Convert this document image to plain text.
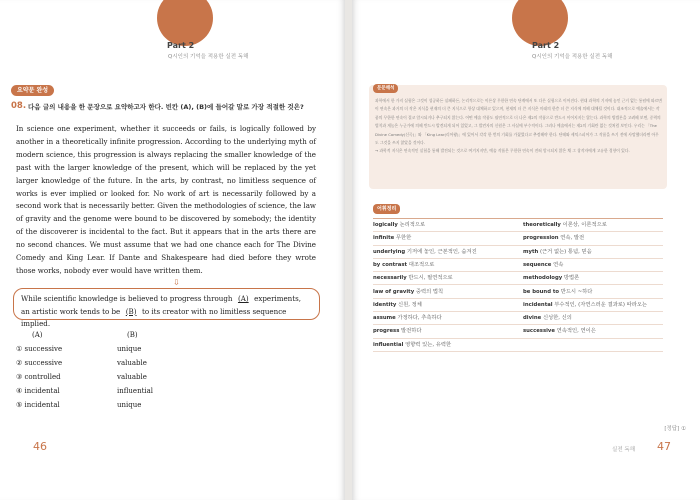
Part 2
Q시인의 기억을 적용한 실전 독해
요약문 완성
08. 다음 글의 내용을 한 문장으로 요약하고자 한다. 빈칸 (A), (B)에 들어갈 말로 가장 적절한 것은?
In science one experiment, whether it succeeds or fails, is logically followed by another in a theoretically infinite progression. According to the underlying myth of modern science, this progression is always replacing the smaller knowledge of the past with the larger knowledge of the present, which will be replaced by the yet larger knowledge of the future. In the arts, by contrast, no limitless sequence of works is ever implied or looked for. No work of art is necessarily followed by a second work that is necessarily better. Given the methodologies of science, the law of gravity and the genome were bound to be discovered by somebody; the identity of the discoverer is incidental to the fact. But it appears that in the arts there are no second chances. We must assume that we had one chance each for The Divine Comedy and King Lear. If Dante and Shakespeare had died before they wrote those works, nobody ever would have written them.
⇩
While scientific knowledge is believed to progress through  (A)  experiments, an artistic work tends to be  (B)  to its creator with no limitless sequence implied.
(A)	(B)
① successive	unique
② successive	valuable
③ controlled	valuable
④ incidental	influential
⑤ incidental	unique
46
Part 2
Q시인의 기억을 적용한 실전 독해
문문해석
과학에서 한 가지 실험은 그것이 성공하든 실패하든, 논리적으로는 이론상 무한한 연속 단계에서 또 다른 실험으로 이어진다. 현대 과학의 기저에 놓인 근거 없는 통념에 따르면 이 연속은 과거의 더 작은 지식을 현재의 더 큰 지식으로 항상 대체하고 있으며, 현재의 더 큰 지식은 미래의 한층 더 큰 지식에 의해 대체될 것이다. 대조적으로 예술에서는 작품의 무한한 연속이 결코 암시되거나 추구되지 않는다. 어떤 예술 작품도 필연적으로 더 나은 제2의 작품으로 반드시 이어지지는 않는다. 과학의 방법론을 고려해 보면, 중력의 법칙과 게놈은 누군가에 의해 반드시 발견되게 되어 있었고, 그 발견자의 신원은 그 사실에 부수적이다. 그러나 예술에서는 제2의 기회란 없는 것처럼 보인다. 우리는 「The Divine Comedy(신곡)」와 「King Lear(리어왕)」에 있어서 각각 한 번의 기회를 가졌었다고 추정해야 한다. 단테와 셰익스피어가 그 작품을 쓰기 전에 사망했더라면 아무도 그것을 쓰지 않았을 것이다.
→ 과학적 지식은 연속적인 실험을 통해 발전되는 것으로 여겨지지만, 예술 작품은 무한한 연속이 전혀 암시되지 않은 채 그 창작자에게 고유한 경향이 있다.
어휘정리
logically 논리적으로	theoretically 이론상, 이론적으로
infinite 무한한	progression 연속, 발전
underlying 기저에 놓인, 근본적인, 숨겨진	myth (근거 없는) 통념, 믿음
by contrast 대조적으로	sequence 연속
necessarily 반드시, 필연적으로	methodology 방법론
law of gravity 중력의 법칙	be bound to 반드시 ~하다
identity 신원, 정체	incidental 부수적인, (자연스러운 결과로) 따라오는
assume 가정하다, 추측하다	divine 신성한, 신의
progress 발전하다	successive 연속적인, 연이은
influential 영향력 있는, 유력한
[정답] ①
실전 독해 47
